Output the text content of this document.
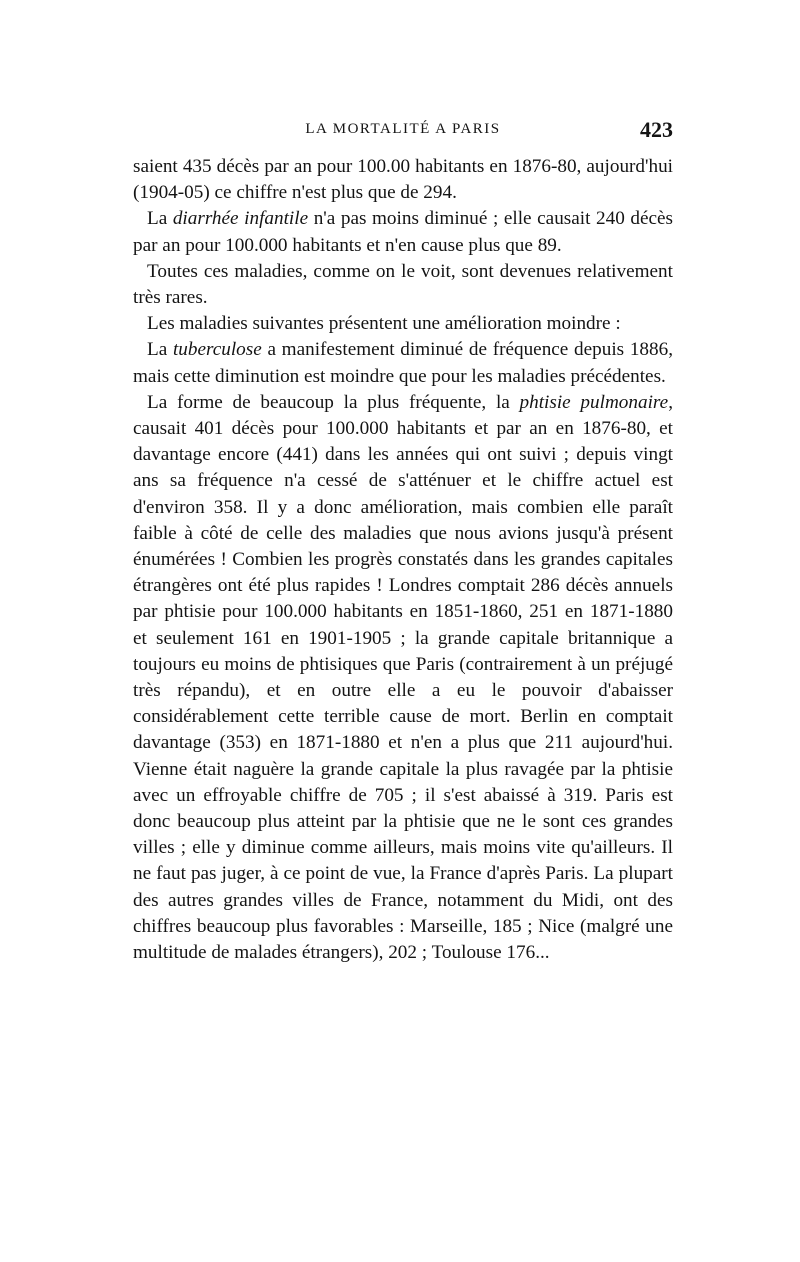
LA MORTALITÉ A PARIS	423

saient 435 décès par an pour 100.00 habitants en 1876-80, aujourd'hui (1904-05) ce chiffre n'est plus que de 294.

La diarrhée infantile n'a pas moins diminué ; elle causait 240 décès par an pour 100.000 habitants et n'en cause plus que 89.

Toutes ces maladies, comme on le voit, sont devenues relativement très rares.

Les maladies suivantes présentent une amélioration moindre :

La tuberculose a manifestement diminué de fréquence depuis 1886, mais cette diminution est moindre que pour les maladies précédentes.

La forme de beaucoup la plus fréquente, la phtisie pulmonaire, causait 401 décès pour 100.000 habitants et par an en 1876-80, et davantage encore (441) dans les années qui ont suivi ; depuis vingt ans sa fréquence n'a cessé de s'atténuer et le chiffre actuel est d'environ 358. Il y a donc amélioration, mais combien elle paraît faible à côté de celle des maladies que nous avions jusqu'à présent énumérées ! Combien les progrès constatés dans les grandes capitales étrangères ont été plus rapides ! Londres comptait 286 décès annuels par phtisie pour 100.000 habitants en 1851-1860, 251 en 1871-1880 et seulement 161 en 1901-1905 ; la grande capitale britannique a toujours eu moins de phtisiques que Paris (contrairement à un préjugé très répandu), et en outre elle a eu le pouvoir d'abaisser considérablement cette terrible cause de mort. Berlin en comptait davantage (353) en 1871-1880 et n'en a plus que 211 aujourd'hui. Vienne était naguère la grande capitale la plus ravagée par la phtisie avec un effroyable chiffre de 705 ; il s'est abaissé à 319. Paris est donc beaucoup plus atteint par la phtisie que ne le sont ces grandes villes ; elle y diminue comme ailleurs, mais moins vite qu'ailleurs. Il ne faut pas juger, à ce point de vue, la France d'après Paris. La plupart des autres grandes villes de France, notamment du Midi, ont des chiffres beaucoup plus favorables : Marseille, 185 ; Nice (malgré une multitude de malades étrangers), 202 ; Toulouse 176...
